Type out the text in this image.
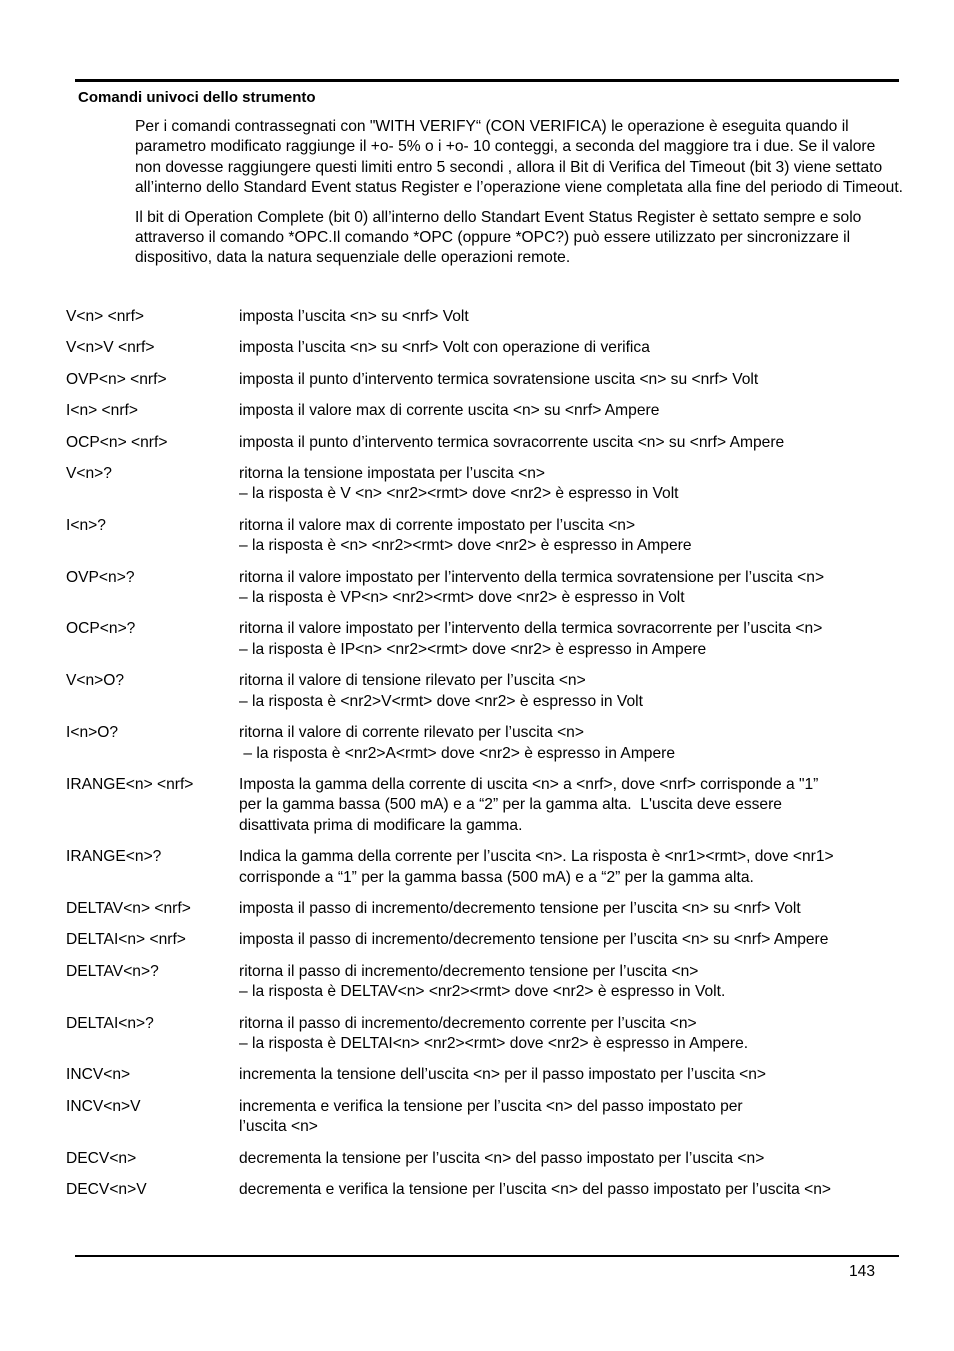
Comandi univoci dello strumento

Per i comandi contrassegnati con "WITH VERIFY“ (CON VERIFICA) le operazione è eseguita quando il parametro modificato raggiunge il +o- 5% o i +o- 10 conteggi, a seconda del maggiore tra i due. Se il valore non dovesse raggiungere questi limiti entro 5 secondi , allora il Bit di Verifica del Timeout (bit 3) viene settato all’interno dello Standard Event status Register e l’operazione viene completata alla fine del periodo di Timeout.

Il bit di Operation Complete (bit 0) all’interno dello Standart Event Status Register è settato sempre e solo attraverso il comando *OPC.Il comando *OPC (oppure *OPC?) può essere utilizzato per sincronizzare il dispositivo, data la natura sequenziale delle operazioni remote.

V<n> <nrf>	imposta l’uscita <n> su <nrf> Volt
V<n>V <nrf>	imposta l’uscita <n> su <nrf> Volt con operazione di verifica
OVP<n> <nrf>	imposta il punto d’intervento termica sovratensione uscita <n> su <nrf> Volt
I<n> <nrf>	imposta il valore max di corrente uscita <n> su <nrf> Ampere
OCP<n> <nrf>	imposta il punto d’intervento termica sovracorrente uscita <n> su <nrf> Ampere
V<n>?	ritorna la tensione impostata per l’uscita <n>
– la risposta è V <n> <nr2><rmt> dove <nr2> è espresso in Volt
I<n>?	ritorna il valore max di corrente impostato per l’uscita <n>
– la risposta è <n> <nr2><rmt> dove <nr2> è espresso in Ampere
OVP<n>?	ritorna il valore impostato per l’intervento della termica sovratensione per l’uscita <n>
– la risposta è VP<n> <nr2><rmt> dove <nr2> è espresso in Volt
OCP<n>?	ritorna il valore impostato per l’intervento della termica sovracorrente per l’uscita <n>
– la risposta è IP<n> <nr2><rmt> dove <nr2> è espresso in Ampere
V<n>O?	ritorna il valore di tensione rilevato per l’uscita <n>
– la risposta è <nr2>V<rmt> dove <nr2> è espresso in Volt
I<n>O?	ritorna il valore di corrente rilevato per l’uscita <n>
– la risposta è <nr2>A<rmt> dove <nr2> è espresso in Ampere
IRANGE<n> <nrf>	Imposta la gamma della corrente di uscita <n> a <nrf>, dove <nrf> corrisponde a "1”
per la gamma bassa (500 mA) e a “2” per la gamma alta.  L'uscita deve essere
disattivata prima di modificare la gamma.
IRANGE<n>?	Indica la gamma della corrente per l’uscita <n>. La risposta è <nr1><rmt>, dove <nr1>
corrisponde a “1” per la gamma bassa (500 mA) e a “2” per la gamma alta.
DELTAV<n> <nrf>	imposta il passo di incremento/decremento tensione per l’uscita <n> su <nrf> Volt
DELTAI<n> <nrf>	imposta il passo di incremento/decremento tensione per l’uscita <n> su <nrf> Ampere
DELTAV<n>?	ritorna il passo di incremento/decremento tensione per l’uscita <n>
– la risposta è DELTAV<n> <nr2><rmt> dove <nr2> è espresso in Volt.
DELTAI<n>?	ritorna il passo di incremento/decremento corrente per l’uscita <n>
– la risposta è DELTAI<n> <nr2><rmt> dove <nr2> è espresso in Ampere.
INCV<n>	incrementa la tensione dell’uscita <n> per il passo impostato per l’uscita <n>
INCV<n>V	incrementa e verifica la tensione per l’uscita <n> del passo impostato per
l’uscita <n>
DECV<n>	decrementa la tensione per l’uscita <n> del passo impostato per l’uscita <n>
DECV<n>V	decrementa e verifica la tensione per l’uscita <n> del passo impostato per l’uscita <n>
143
